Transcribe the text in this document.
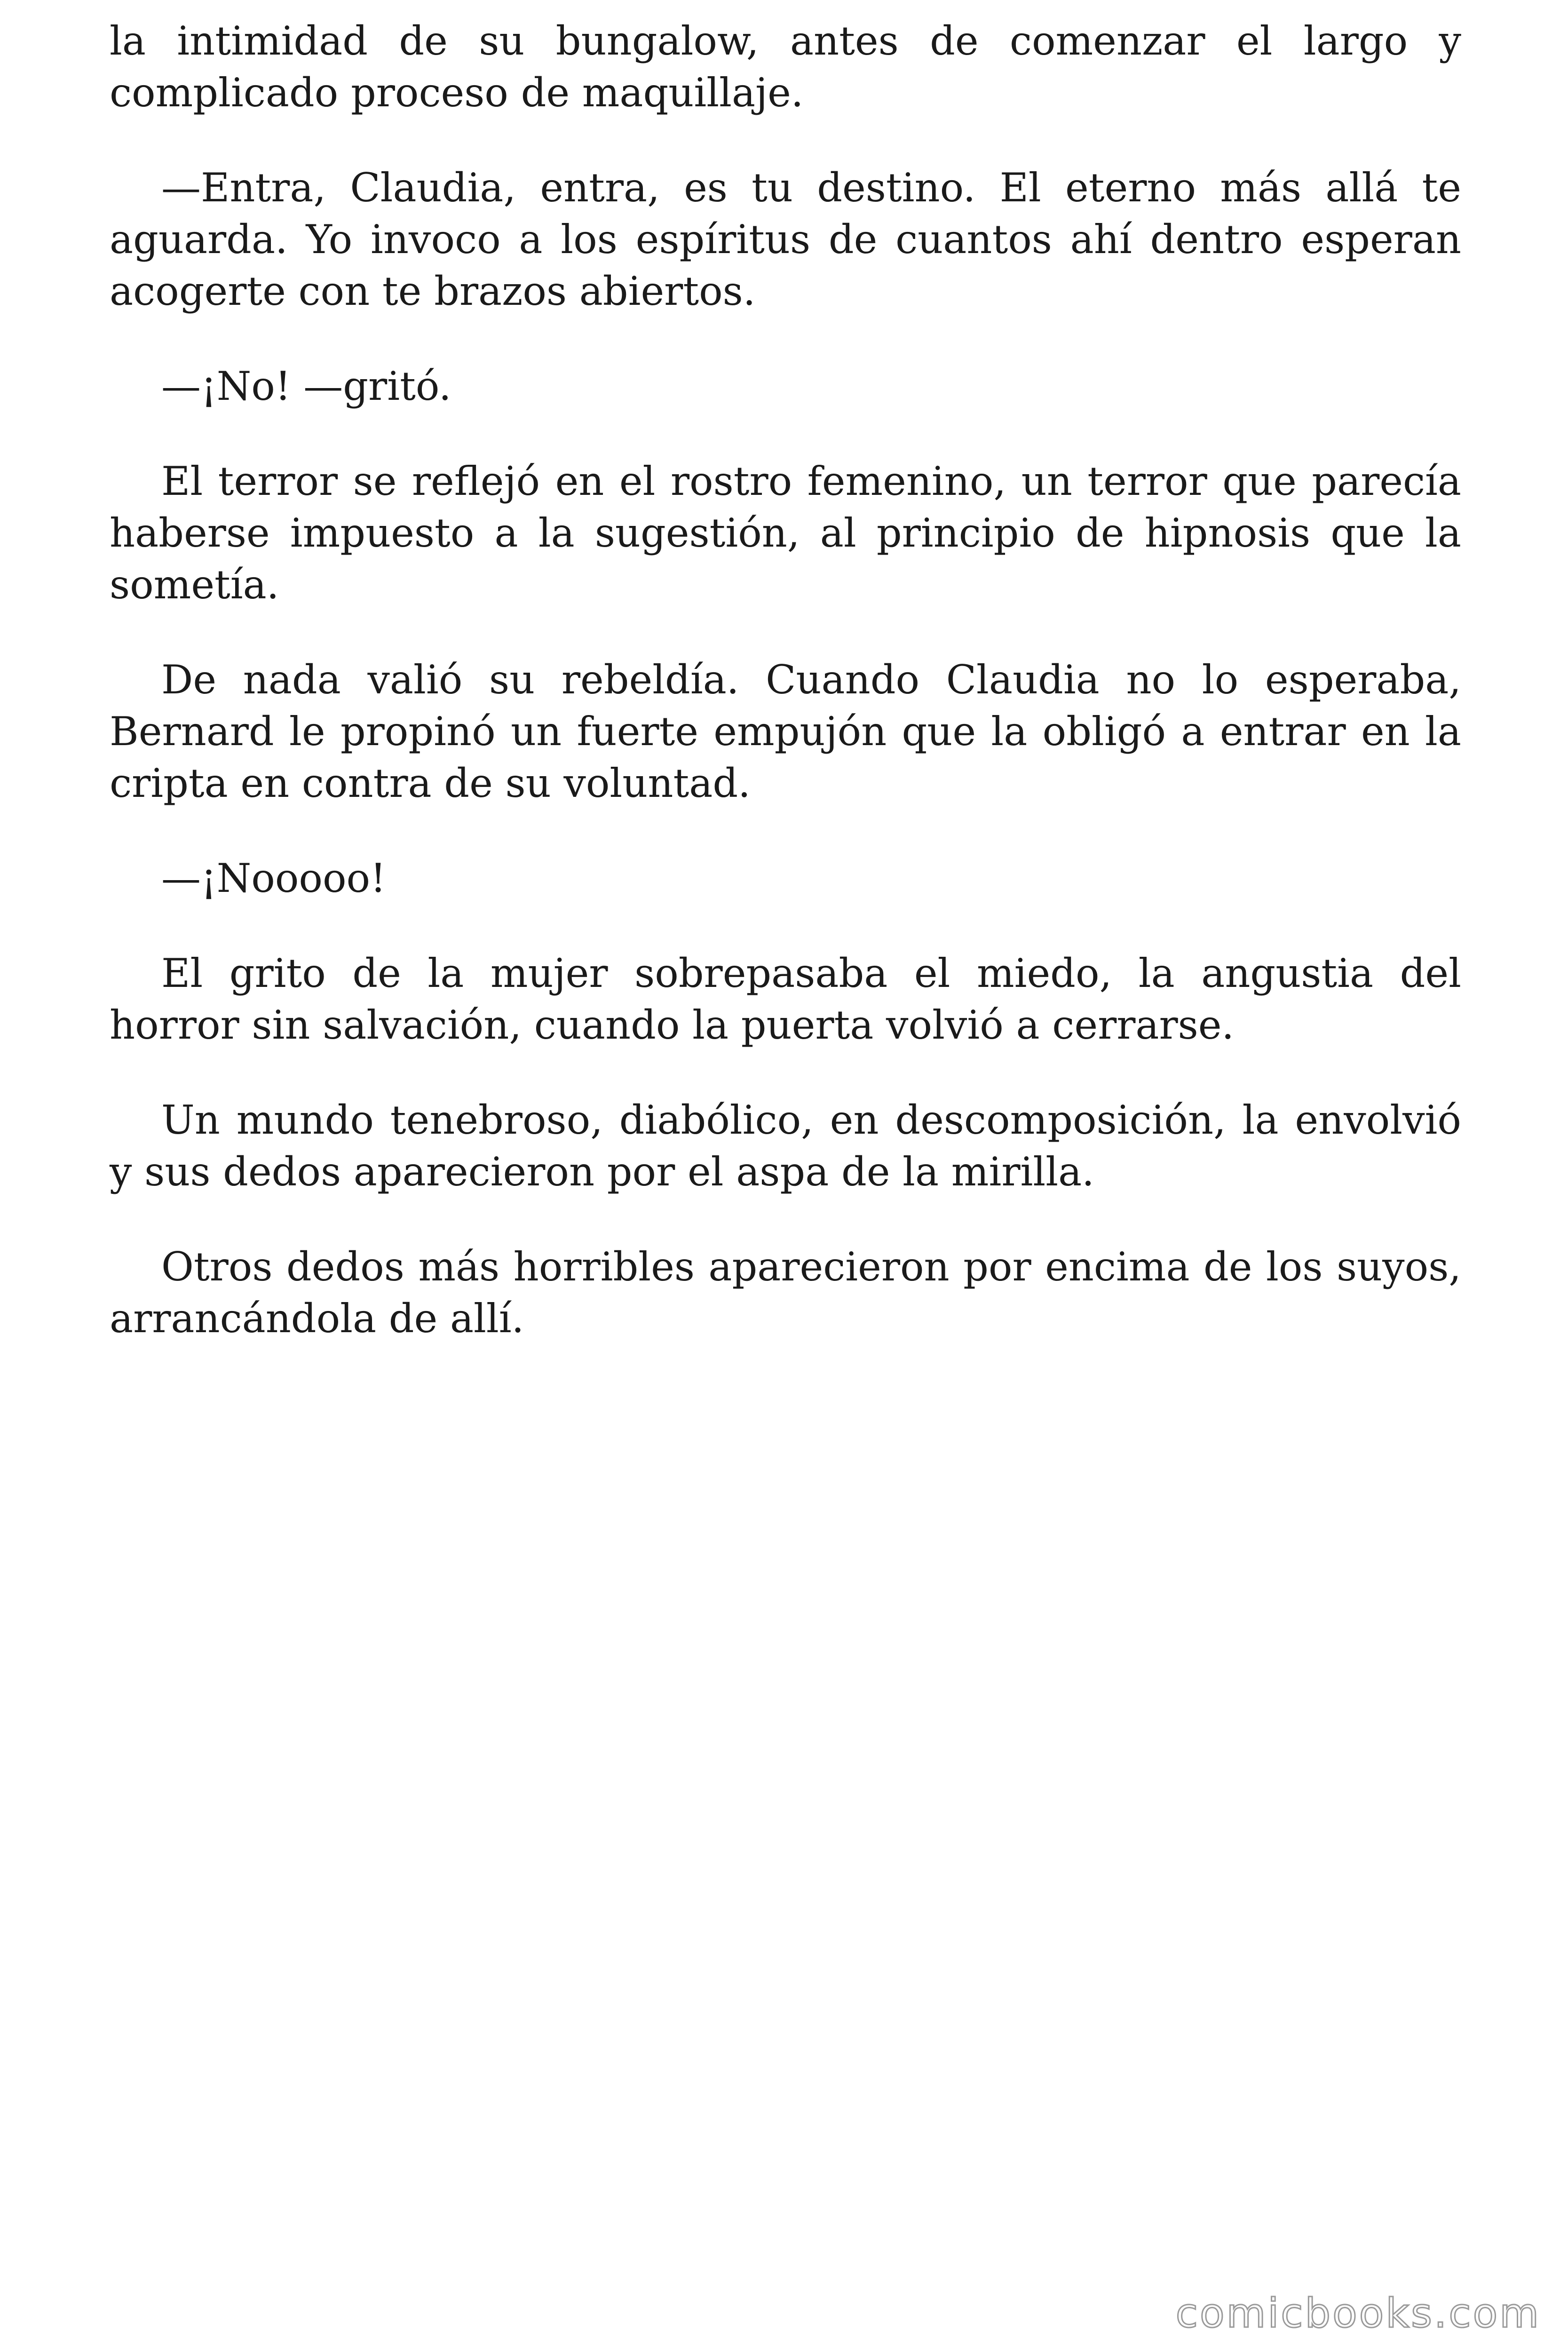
la intimidad de su bungalow, antes de comenzar el largo y complicado proceso de maquillaje.

—Entra, Claudia, entra, es tu destino. El eterno más allá te aguarda. Yo invoco a los espíritus de cuantos ahí dentro esperan acogerte con te brazos abiertos.

—¡No! —gritó.

El terror se reflejó en el rostro femenino, un terror que parecía haberse impuesto a la sugestión, al principio de hipnosis que la sometía.

De nada valió su rebeldía. Cuando Claudia no lo esperaba, Bernard le propinó un fuerte empujón que la obligó a entrar en la cripta en contra de su voluntad.

—¡Nooooo!

El grito de la mujer sobrepasaba el miedo, la angustia del horror sin salvación, cuando la puerta volvió a cerrarse.

Un mundo tenebroso, diabólico, en descomposición, la envolvió y sus dedos aparecieron por el aspa de la mirilla.

Otros dedos más horribles aparecieron por encima de los suyos, arrancándola de allí.

comicbooks.com
